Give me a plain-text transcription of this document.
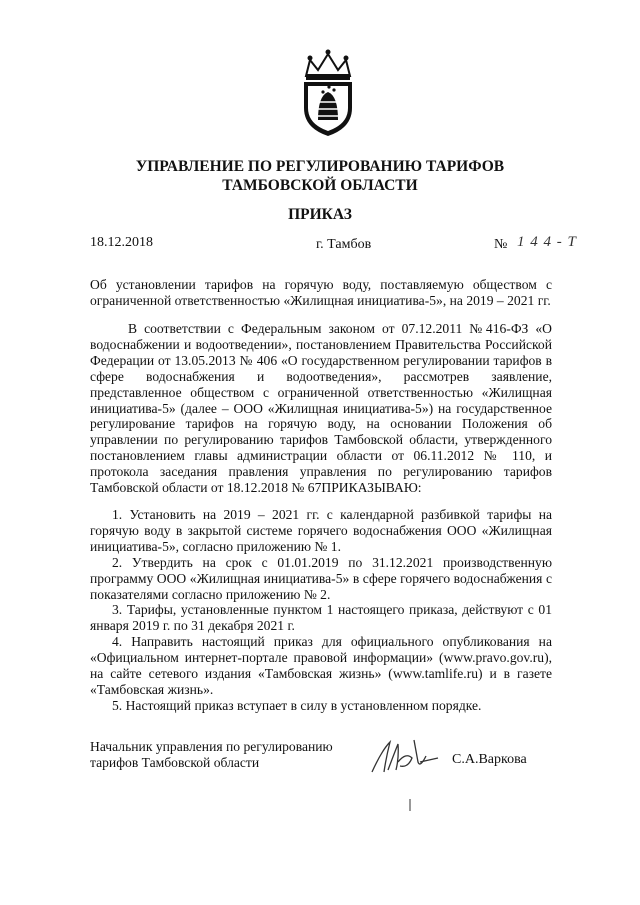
УПРАВЛЕНИЕ ПО РЕГУЛИРОВАНИЮ ТАРИФОВ
ТАМБОВСКОЙ ОБЛАСТИ
ПРИКАЗ
18.12.2018	г. Тамбов	№ 1 4 4 - Т
Об установлении тарифов на горячую воду, поставляемую обществом с ограниченной ответственностью «Жилищная инициатива-5», на 2019 – 2021 гг.
В соответствии с Федеральным законом от 07.12.2011 №416-ФЗ «О водоснабжении и водоотведении», постановлением Правительства Российской Федерации от 13.05.2013 № 406 «О государственном регулировании тарифов в сфере водоснабжения и водоотведения», рассмотрев заявление, представленное обществом с ограниченной ответственностью «Жилищная инициатива-5» (далее – ООО «Жилищная инициатива-5») на государственное регулирование тарифов на горячую воду, на основании Положения об управлении по регулированию тарифов Тамбовской области, утвержденного постановлением главы администрации области от 06.11.2012 № 110, и протокола заседания правления управления по регулированию тарифов Тамбовской области от 18.12.2018 № 67ПРИКАЗЫВАЮ:

1. Установить на 2019 – 2021 гг. с календарной разбивкой тарифы на горячую воду в закрытой системе горячего водоснабжения ООО «Жилищная инициатива-5», согласно приложению № 1.

2. Утвердить на срок с 01.01.2019 по 31.12.2021 производственную программу ООО «Жилищная инициатива-5» в сфере горячего водоснабжения с показателями согласно приложению № 2.

3. Тарифы, установленные пунктом 1 настоящего приказа, действуют с 01 января 2019 г. по 31 декабря 2021 г.

4. Направить настоящий приказ для официального опубликования на «Официальном интернет-портале правовой информации» (www.pravo.gov.ru), на сайте сетевого издания «Тамбовская жизнь» (www.tamlife.ru) и в газете «Тамбовская жизнь».

5. Настоящий приказ вступает в силу в установленном порядке.

Начальник управления по регулированию
тарифов Тамбовской области	С.А.Варкова
